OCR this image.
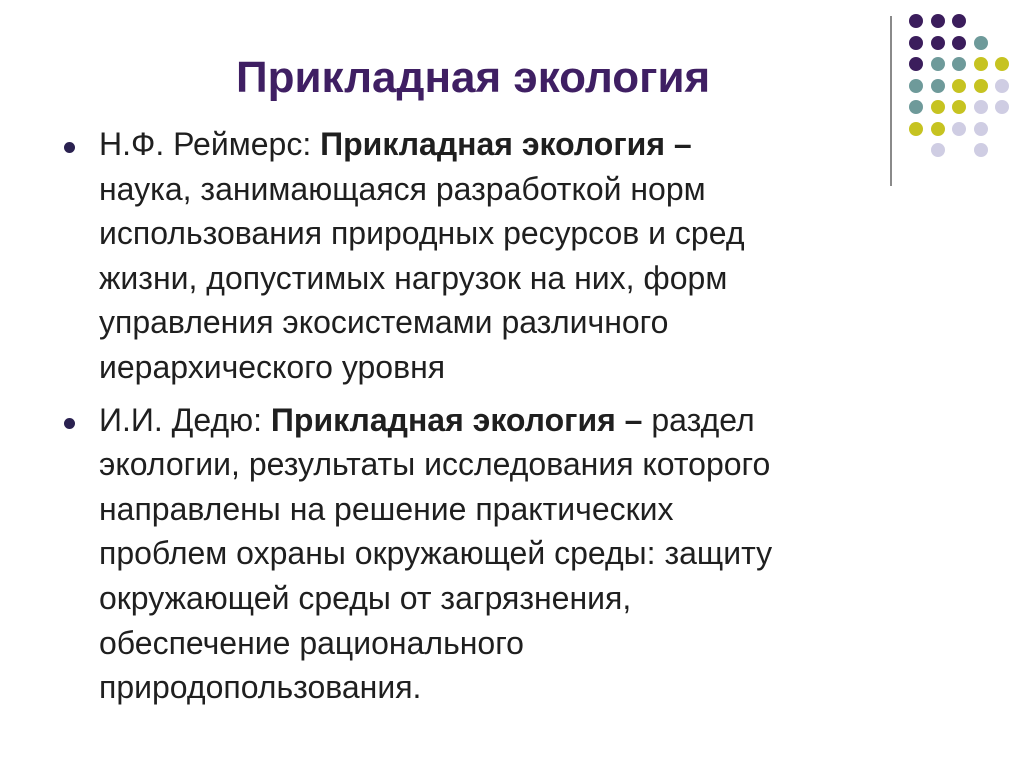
Прикладная экология
Н.Ф. Реймерс: Прикладная экология –
наука, занимающаяся разработкой норм
использования природных ресурсов и сред
жизни, допустимых нагрузок на них, форм
управления экосистемами различного
иерархического уровня
И.И. Дедю: Прикладная экология – раздел
экологии, результаты исследования которого
направлены на решение практических
проблем охраны окружающей среды: защиту
окружающей среды от загрязнения,
обеспечение рационального
природопользования.
